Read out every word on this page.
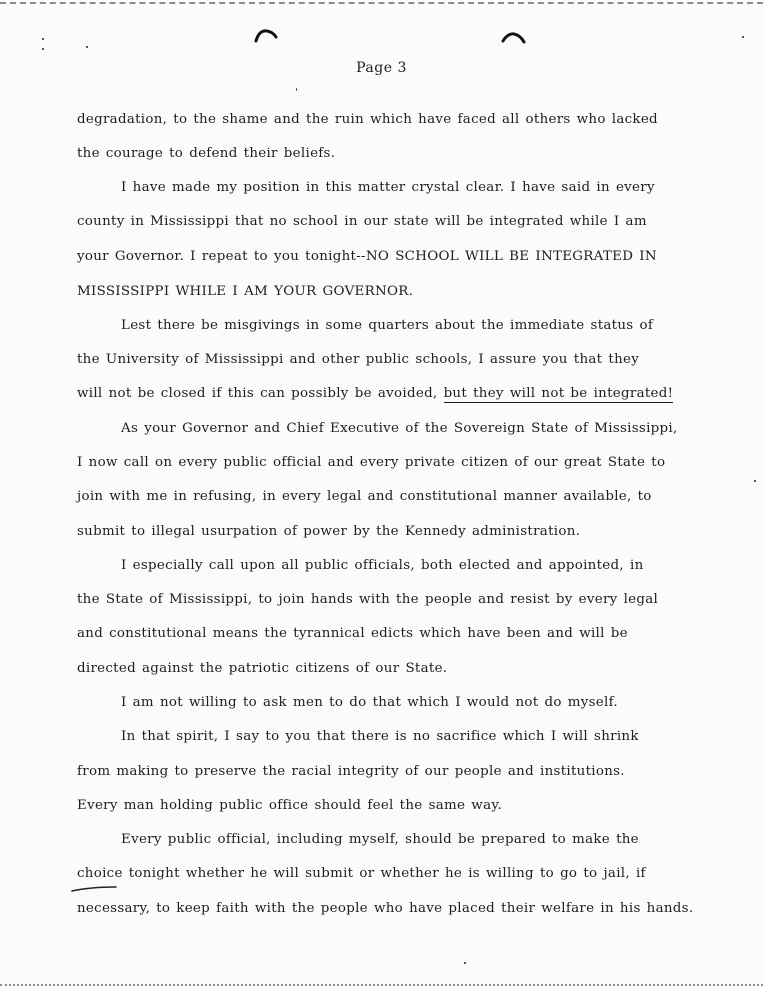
Page 3
degradation, to the shame and the ruin which have faced all others who lacked
the courage to defend their beliefs.
I have made my position in this matter crystal clear. I have said in every
county in Mississippi that no school in our state will be integrated while I am
your Governor. I repeat to you tonight--NO SCHOOL WILL BE INTEGRATED IN
MISSISSIPPI WHILE I AM YOUR GOVERNOR.
Lest there be misgivings in some quarters about the immediate status of
the University of Mississippi and other public schools, I assure you that they
will not be closed if this can possibly be avoided, but they will not be integrated!
As your Governor and Chief Executive of the Sovereign State of Mississippi,
I now call on every public official and every private citizen of our great State to
join with me in refusing, in every legal and constitutional manner available, to
submit to illegal usurpation of power by the Kennedy administration.
I especially call upon all public officials, both elected and appointed, in
the State of Mississippi, to join hands with the people and resist by every legal
and constitutional means the tyrannical edicts which have been and will be
directed against the patriotic citizens of our State.
I am not willing to ask men to do that which I would not do myself.
In that spirit, I say to you that there is no sacrifice which I will shrink
from making to preserve the racial integrity of our people and institutions.
Every man holding public office should feel the same way.
Every public official, including myself, should be prepared to make the
choice tonight whether he will submit or whether he is willing to go to jail, if
necessary, to keep faith with the people who have placed their welfare in his hands.
